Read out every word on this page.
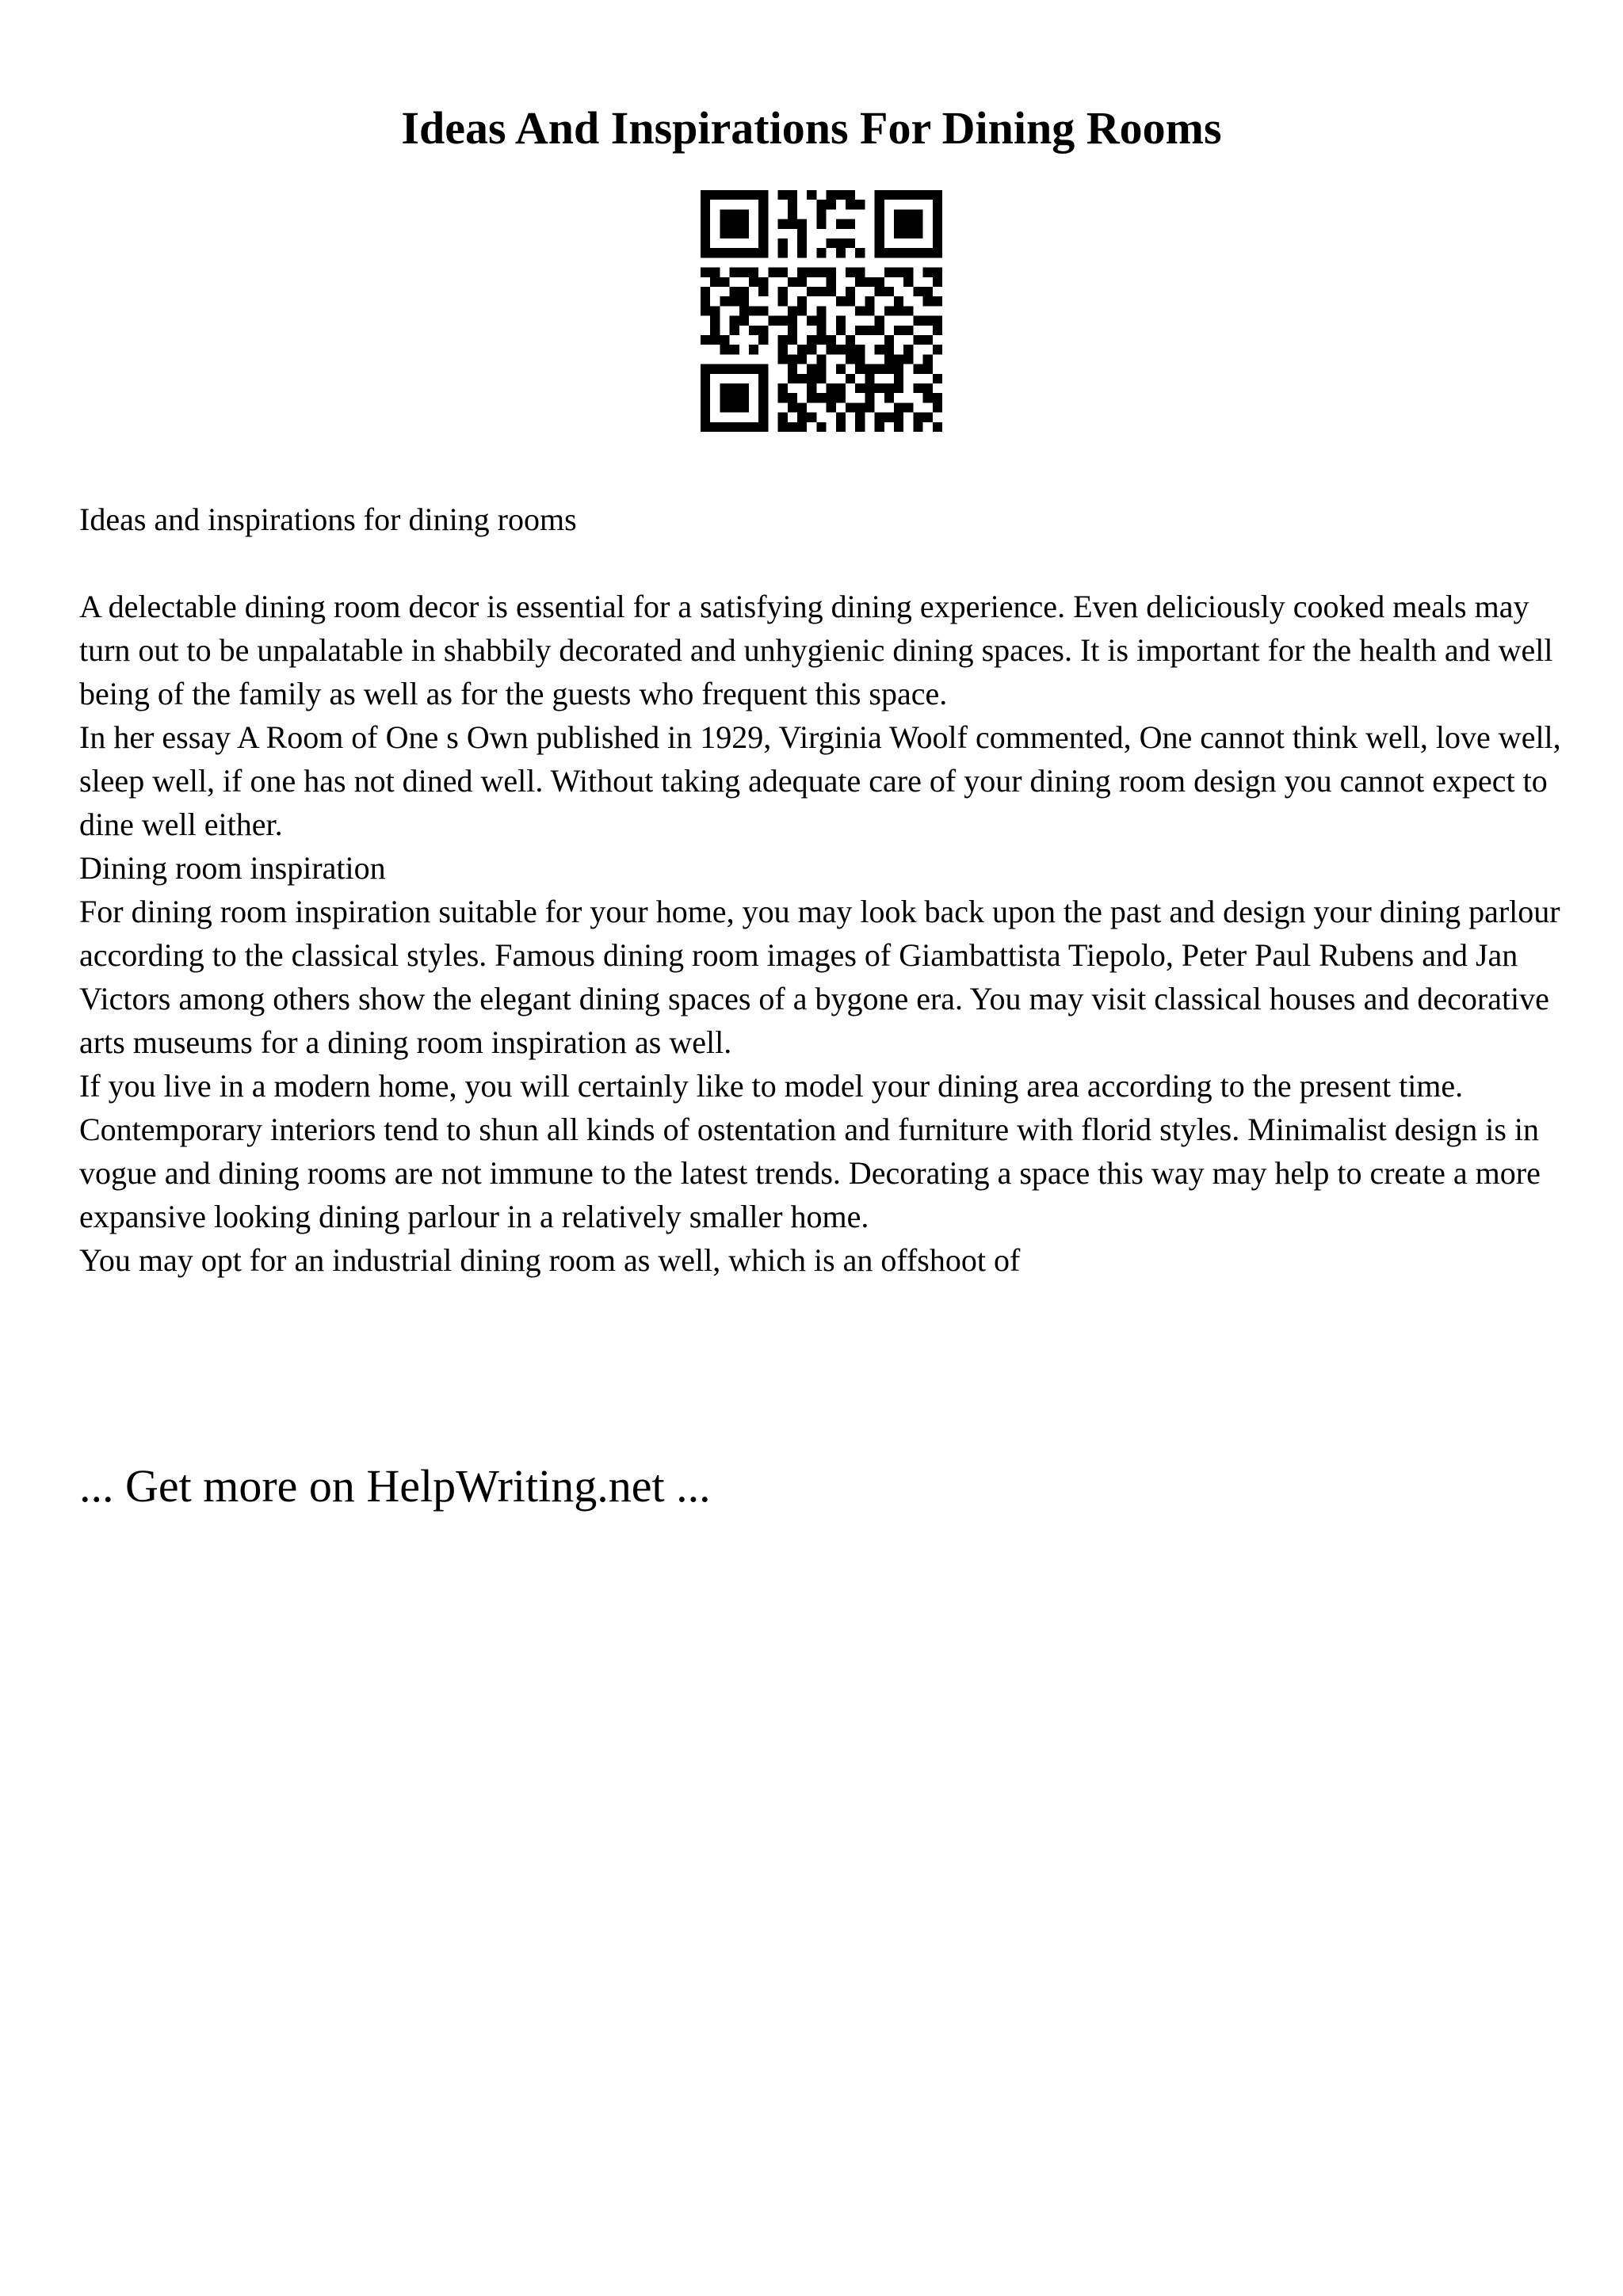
Ideas And Inspirations For Dining Rooms

Ideas and inspirations for dining rooms

A delectable dining room decor is essential for a satisfying dining experience. Even deliciously cooked meals may turn out to be unpalatable in shabbily decorated and unhygienic dining spaces. It is important for the health and well being of the family as well as for the guests who frequent this space.

In her essay A Room of One s Own published in 1929, Virginia Woolf commented, One cannot think well, love well, sleep well, if one has not dined well. Without taking adequate care of your dining room design you cannot expect to dine well either.

Dining room inspiration

For dining room inspiration suitable for your home, you may look back upon the past and design your dining parlour according to the classical styles. Famous dining room images of Giambattista Tiepolo, Peter Paul Rubens and Jan Victors among others show the elegant dining spaces of a bygone era. You may visit classical houses and decorative arts museums for a dining room inspiration as well.

If you live in a modern home, you will certainly like to model your dining area according to the present time. Contemporary interiors tend to shun all kinds of ostentation and furniture with florid styles. Minimalist design is in vogue and dining rooms are not immune to the latest trends. Decorating a space this way may help to create a more expansive looking dining parlour in a relatively smaller home.

You may opt for an industrial dining room as well, which is an offshoot of

... Get more on HelpWriting.net ...
